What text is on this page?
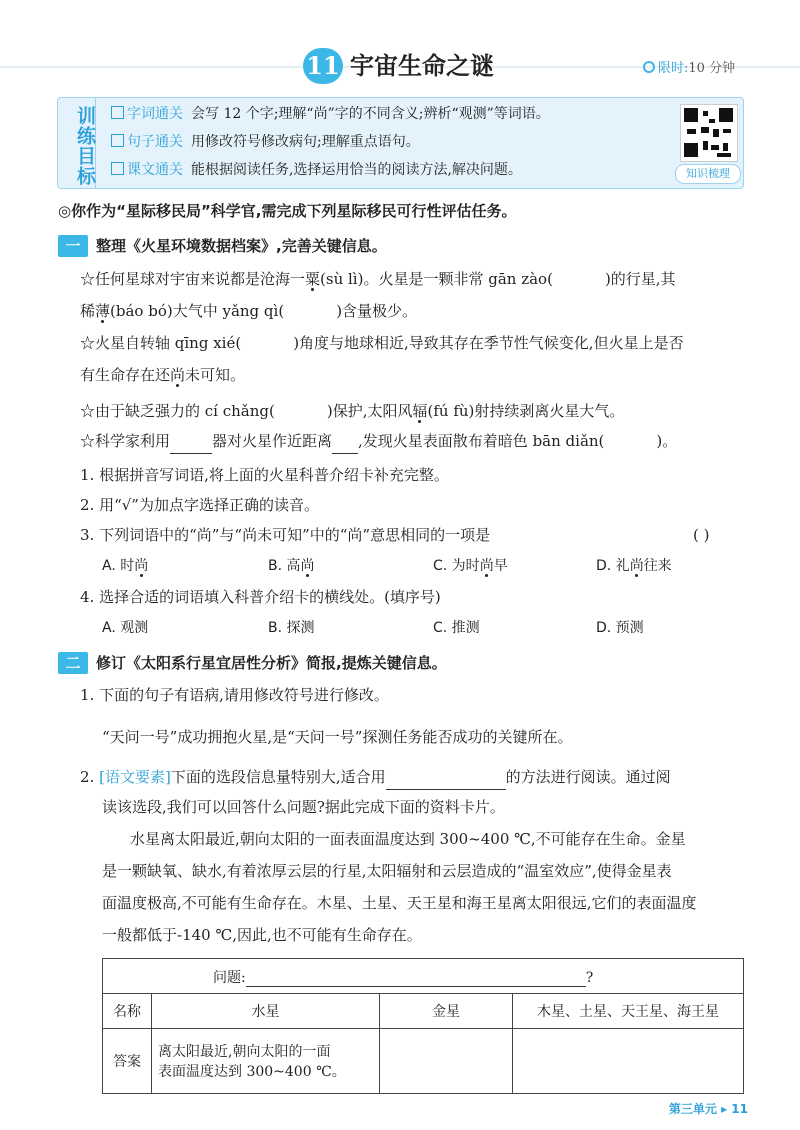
11 宇宙生命之谜	限时:10 分钟
训练目标	字词通关 会写 12 个字;理解“尚”字的不同含义;辨析“观测”等词语。
句子通关 用修改符号修改病句;理解重点语句。
课文通关 能根据阅读任务,选择运用恰当的阅读方法,解决问题。	知识梳理
◎你作为“星际移民局”科学官,需完成下列星际移民可行性评估任务。
一 整理《火星环境数据档案》,完善关键信息。
☆任何星球对宇宙来说都是沧海一粟(sù lì)。火星是一颗非常 gān zào(	)的行星,其
稀薄(báo bó)大气中 yǎng qì(	)含量极少。
☆火星自转轴 qīng xié(	)角度与地球相近,导致其存在季节性气候变化,但火星上是否
有生命存在还尚未可知。
☆由于缺乏强力的 cí chǎng(	)保护,太阳风辐(fú fù)射持续剥离火星大气。
☆科学家利用	器对火星作近距离 ,发现火星表面散布着暗色 bān diǎn(	)。
1. 根据拼音写词语,将上面的火星科普介绍卡补充完整。
2. 用“√”为加点字选择正确的读音。
3. 下列词语中的“尚”与“尚未可知”中的“尚”意思相同的一项是	( )
A. 时尚	B. 高尚	C. 为时尚早	D. 礼尚往来
4. 选择合适的词语填入科普介绍卡的横线处。(填序号)
A. 观测	B. 探测	C. 推测	D. 预测
二 修订《太阳系行星宜居性分析》简报,提炼关键信息。
1. 下面的句子有语病,请用修改符号进行修改。
“天问一号”成功拥抱火星,是“天问一号”探测任务能否成功的关键所在。
2. [语文要素]下面的选段信息量特别大,适合用	的方法进行阅读。通过阅
读该选段,我们可以回答什么问题?据此完成下面的资料卡片。
水星离太阳最近,朝向太阳的一面表面温度达到 300~400 ℃,不可能存在生命。金星
是一颗缺氧、缺水,有着浓厚云层的行星,太阳辐射和云层造成的“温室效应”,使得金星表
面温度极高,不可能有生命存在。木星、土星、天王星和海王星离太阳很远,它们的表面温度
一般都低于-140 ℃,因此,也不可能有生命存在。
问题: ?			
名称	水星	金星	木星、土星、天王星、海王星
答案	离太阳最近,朝向太阳的一面
表面温度达到 300~400 ℃。		

第三单元 ▸ 11
